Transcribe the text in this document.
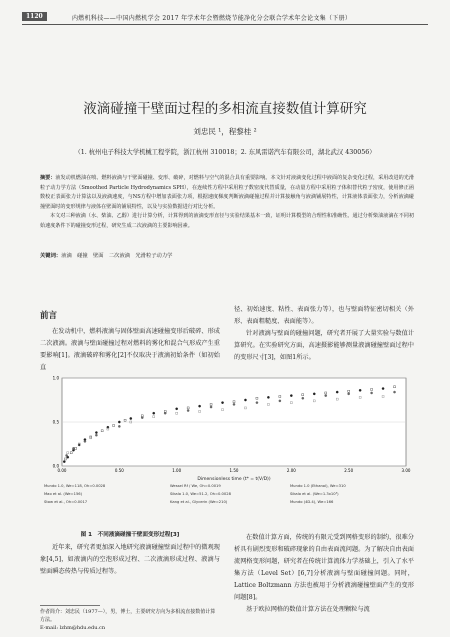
1120	内燃机科技——中国内燃机学会 2017 年学术年会暨燃烧节能净化分会联合学术年会论文集（下册）
液滴碰撞干壁面过程的多相流直接数值计算研究
刘忠民 ¹，程黎桂 ²
（1. 杭州电子科技大学机械工程学院，浙江杭州 310018；2. 东风雷诺汽车有限公司，湖北武汉 430056）
摘要：液发动机燃油在喷、燃料液滴与干壁面碰撞、变形、破碎，对燃料与空气的混合具有重要影响。本文针对液滴变化过程中液面的复杂变化过程，采用改进的光滑粒子动力学方法（Smoothed Particle Hydrodynamics SPH），在连续性方程中采用粒子数密度代替质量，在动量方程中采用粒子体积替代粒子密度，使用修正函数校正表面张力计算法以及液滴速度，与NS方程中增加表面张力项，根据速度梯度判断液滴碰撞过程并计算接触角与液滴铺展特性，计算液体表面张力，分析液滴碰撞壁面时的变形规律与液体在壁面的铺展特性，以及与实验数据进行对比分析。
本文对三种液滴（水、柴油、乙醇）进行计算分析，计算得到的液滴变形直径与实验结果基本一致，证明计算模型的合理性和准确性。通过分析柴油液滴在不同初始速度条件下的碰撞变形过程，研究生成二次液滴的主要影响因素。
关键词：液滴　碰撞　壁面　二次液滴　光滑粒子动力学
前言

在发动机中，燃料液滴与固体壁面高速碰撞变形后破碎、形成二次液滴。液滴与壁面碰撞过程对燃料的雾化和混合气形成产生重要影响[1]。液滴破碎和雾化[2]不仅取决于液滴初始条件（如初始直

径、初始速度、粘性、表面张力等），也与壁面特征密切相关（外形、表面粗糙度、表面能等）。

针对液滴与壁面的碰撞问题，研究者开展了大量实验与数值计算研究。在实验研究方面，高速摄影能够测量液滴碰撞壁面过程中的变形尺寸[3]，如图1所示。

0.00	0.50	1.00	1.50	2.00	2.50	3.00
0.0
0.5
1.0
Dimensionless time (t* = t(V/D))
Mundo 1.0, We=118, Oh=0.0028	Wessel Rf / We, Oh=0.0019	Mundo 1.0 (Ethanol), We=310
Mao et al. (We=156)	Sikalo 1.0, We=51.2, Oh=0.0028	Sikalo et al. (We=1.3x10³)
Stow et al., Oh=0.0017	Kang et al., Glycerin (We=210)	Mundo (4D.4), We=166
图 1　不同液滴碰撞干壁面变形过程[3]

近年来，研究者更加深入地研究液滴碰撞壁面过程中的微观现象[4,5]，如液滴内的空泡形成过程、二次液滴形成过程、液滴与壁面瞬态传热与传质过程等。

在数值计算方面，传统的有限元受到网格变形的制约，很难分析具有剧烈变形和破碎现象的自由表面流问题。为了解决自由表面流网格变形问题，研究者在传统计算流体力学基础上，引入了水平集方法（Level Set）[6,7]分析液滴与壁面碰撞问题。同时，Lattice Boltzmann 方法也被用于分析液滴碰撞壁面产生的变形问题[8]。

基于欧拉网格的数值计算方法在处理颗粒与流

作者简介：刘忠民（1977—），男，博士，主要研究方向为多相流直接数值计算方法。
E-mail: lzhm@hdu.edu.cn
